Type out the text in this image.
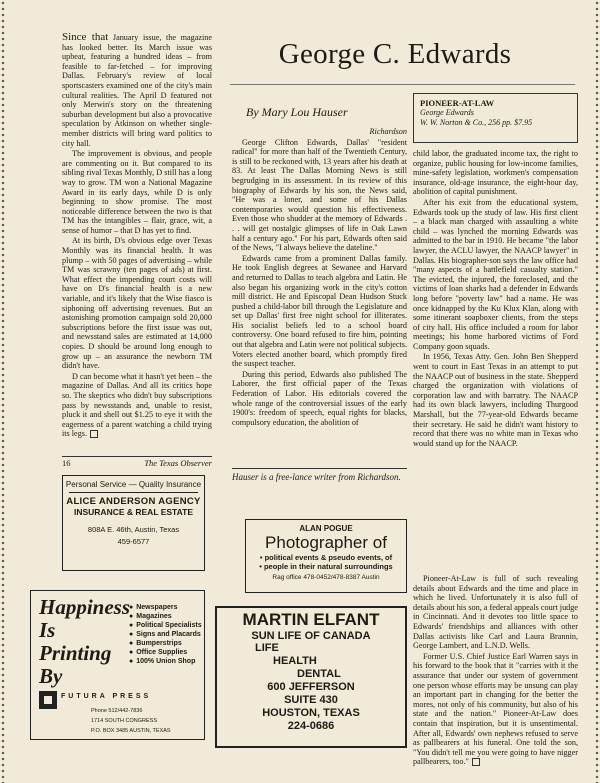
Since that January issue, the magazine has looked better. Its March issue was upbeat, featuring a hundred ideas – from feasible to far-fetched – for improving Dallas. February's review of local sportscasters examined one of the city's main cultural realities. The April D featured not only Merwin's story on the threatening suburban development but also a provocative speculation by Atkinson on whether single-member districts will bring ward politics to city hall.

The improvement is obvious, and people are commenting on it. But compared to its sibling rival Texas Monthly, D still has a long way to grow. TM won a National Magazine Award in its early days, while D is only beginning to show promise. The most noticeable difference between the two is that TM has the intangibles – flair, grace, wit, a sense of humor – that D has yet to find.

At its birth, D's obvious edge over Texas Monthly was its financial health. It was plump – with 50 pages of advertising – while TM was scrawny (ten pages of ads) at first. What effect the impending court costs will have on D's financial health is a new variable, and it's likely that the Wise fiasco is siphoning off advertising revenues. But an astonishing promotion campaign sold 20,000 subscriptions before the first issue was out, and newsstand sales are estimated at 14,000 copies. D should be around long enough to grow up – an assurance the newborn TM didn't have.

D can become what it hasn't yet been – the magazine of Dallas. And all its critics hope so. The skeptics who didn't buy subscriptions pass by newsstands and, unable to resist, pluck it and shell out $1.25 to eye it with the eagerness of a parent watching a child trying its legs.

16	The Texas Observer
George C. Edwards
By Mary Lou Hauser
PIONEER-AT-LAW
George Edwards
W. W. Norton & Co., 256 pp. $7.95

Richardson

George Clifton Edwards, Dallas' "resident radical" for more than half of the Twentieth Century, is still to be reckoned with, 13 years after his death at 83. At least The Dallas Morning News is still begrudging in its assessment. In its review of this biography of Edwards by his son, the News said, "He was a loner, and some of his Dallas contemporaries would question his effectiveness. Even those who shudder at the memory of Edwards . . . will get nostalgic glimpses of life in Oak Lawn half a century ago." For his part, Edwards often said of the News, "I always believe the dateline."

Edwards came from a prominent Dallas family. He took English degrees at Sewanee and Harvard and returned to Dallas to teach algebra and Latin. He also began his organizing work in the city's cotton mill district. He and Episcopal Dean Hudson Stuck pushed a child-labor bill through the Legislature and set up Dallas' first free night school for illiterates. His socialist beliefs led to a school board controversy. One board refused to fire him, pointing out that algebra and Latin were not political subjects. Voters elected another board, which promptly fired the suspect teacher.

During this period, Edwards also published The Laborer, the first official paper of the Texas Federation of Labor. His editorials covered the whole range of the controversial issues of the early 1900's: freedom of speech, equal rights for blacks, compulsory education, the abolition of

Hauser is a free-lance writer from Richardson.

child labor, the graduated income tax, the right to organize, public housing for low-income families, mine-safety legislation, workmen's compensation insurance, old-age insurance, the eight-hour day, abolition of capital punishment.

After his exit from the educational system, Edwards took up the study of law. His first client – a black man charged with assaulting a white child – was lynched the morning Edwards was admitted to the bar in 1910. He became "the labor lawyer, the ACLU lawyer, the NAACP lawyer" in Dallas. His biographer-son says the law office had "many aspects of a battlefield casualty station." The evicted, the injured, the foreclosed, and the victims of loan sharks had a defender in Edwards long before "poverty law" had a name. He was once kidnapped by the Ku Klux Klan, along with some itinerant soapboxer clients, from the steps of city hall. His office included a room for labor meetings; his home harbored victims of Ford Company goon squads.

In 1956, Texas Atty. Gen. John Ben Shepperd went to court in East Texas in an attempt to put the NAACP out of business in the state. Shepperd charged the organization with violations of corporation law and with barratry. The NAACP had its own black lawyers, including Thurgood Marshall, but the 77-year-old Edwards became their secretary. He said he didn't want history to record that there was no white man in Texas who would stand up for the NAACP.

Pioneer-At-Law is full of such revealing details about Edwards and the time and place in which he lived. Unfortunately it is also full of details about his son, a federal appeals court judge in Cincinnati. And it devotes too little space to Edwards' friendships and alliances with other Dallas activists like Carl and Laura Brannin, George Lambert, and L.N.D. Wells.

Former U.S. Chief Justice Earl Warren says in his forward to the book that it "carries with it the assurance that under our system of government one person whose efforts may be unsung can play an important part in changing for the better the mores, not only of his community, but also of his state and the nation." Pioneer-At-Law does contain that inspiration, but it is unsentimental. After all, Edwards' own nephews refused to serve as pallbearers at his funeral. One told the son, "You didn't tell me you were going to have nigger pallbearers, too."

Personal Service — Quality Insurance
ALICE ANDERSON AGENCY
INSURANCE & REAL ESTATE
808A E. 46th, Austin, Texas
459-6577
Happiness
Is
Printing
By
● Newspapers
● Magazines
● Political Specialists
● Signs and Placards
● Bumperstrips
● Office Supplies
● 100% Union Shop
FUTURA PRESS
Phone 512/442-7836
1714 SOUTH CONGRESS
P.O. BOX 3485 AUSTIN, TEXAS
ALAN POGUE
Photographer of
• political events & pseudo events, of
• people in their natural surroundings
Rag office 478-0452/478-8387 Austin
MARTIN ELFANT
SUN LIFE OF CANADA
LIFE
HEALTH
DENTAL
600 JEFFERSON
SUITE 430
HOUSTON, TEXAS
224-0686
